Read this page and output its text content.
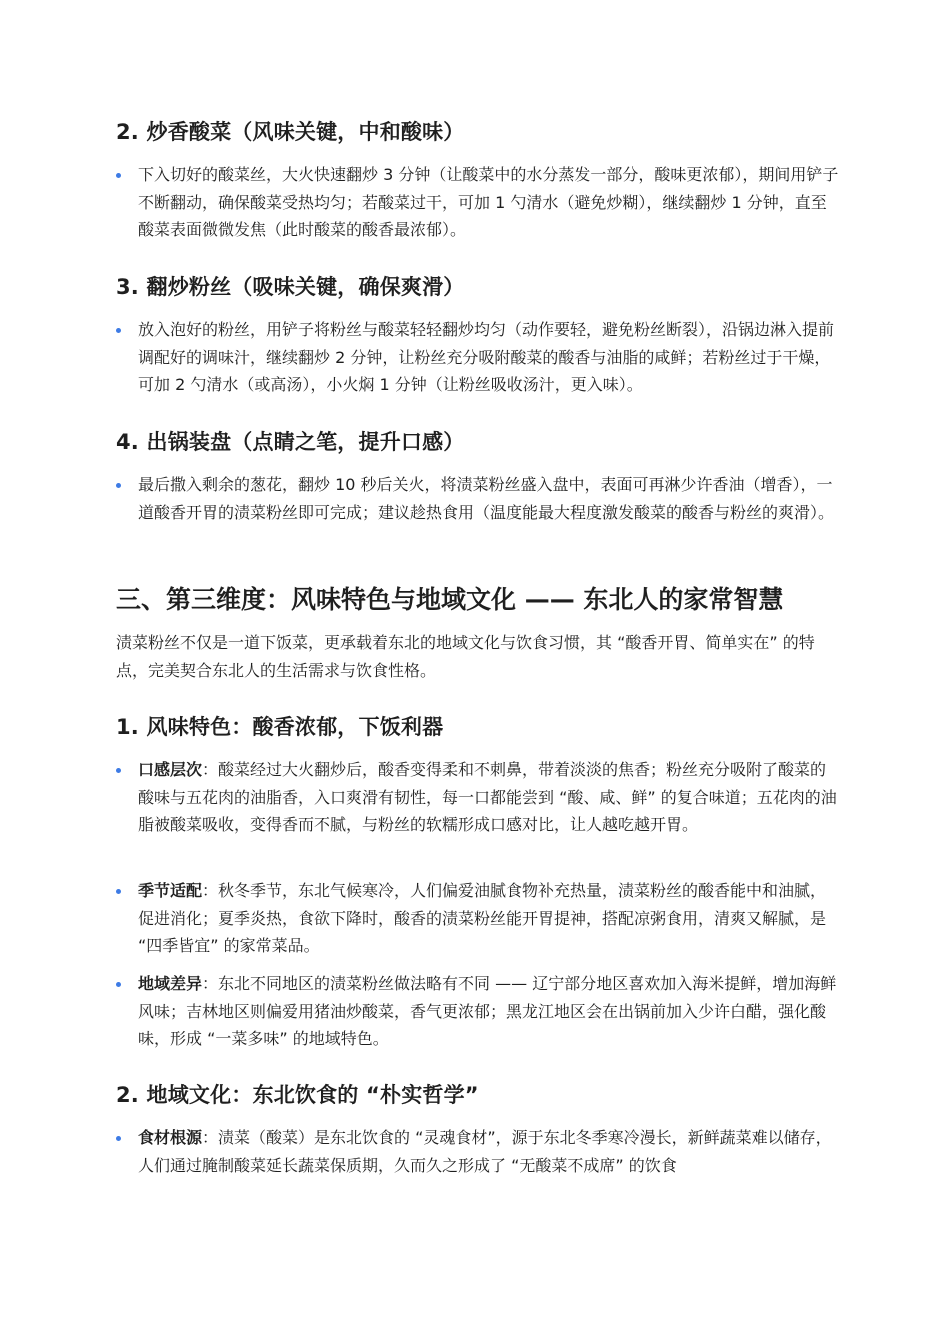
2. 炒香酸菜（风味关键，中和酸味）
下入切好的酸菜丝，大火快速翻炒 3 分钟（让酸菜中的水分蒸发一部分，酸味更浓郁），期间用铲子不断翻动，确保酸菜受热均匀；若酸菜过干，可加 1 勺清水（避免炒糊），继续翻炒 1 分钟，直至酸菜表面微微发焦（此时酸菜的酸香最浓郁）。
3. 翻炒粉丝（吸味关键，确保爽滑）
放入泡好的粉丝，用铲子将粉丝与酸菜轻轻翻炒均匀（动作要轻，避免粉丝断裂），沿锅边淋入提前调配好的调味汁，继续翻炒 2 分钟，让粉丝充分吸附酸菜的酸香与油脂的咸鲜；若粉丝过于干燥，可加 2 勺清水（或高汤），小火焖 1 分钟（让粉丝吸收汤汁，更入味）。
4. 出锅装盘（点睛之笔，提升口感）
最后撒入剩余的葱花，翻炒 10 秒后关火，将渍菜粉丝盛入盘中，表面可再淋少许香油（增香），一道酸香开胃的渍菜粉丝即可完成；建议趁热食用（温度能最大程度激发酸菜的酸香与粉丝的爽滑）。
三、第三维度：风味特色与地域文化 —— 东北人的家常智慧

渍菜粉丝不仅是一道下饭菜，更承载着东北的地域文化与饮食习惯，其 “酸香开胃、简单实在” 的特点，完美契合东北人的生活需求与饮食性格。

1. 风味特色：酸香浓郁，下饭利器
口感层次：酸菜经过大火翻炒后，酸香变得柔和不刺鼻，带着淡淡的焦香；粉丝充分吸附了酸菜的酸味与五花肉的油脂香，入口爽滑有韧性，每一口都能尝到 “酸、咸、鲜” 的复合味道；五花肉的油脂被酸菜吸收，变得香而不腻，与粉丝的软糯形成口感对比，让人越吃越开胃。
季节适配：秋冬季节，东北气候寒冷，人们偏爱油腻食物补充热量，渍菜粉丝的酸香能中和油腻，促进消化；夏季炎热，食欲下降时，酸香的渍菜粉丝能开胃提神，搭配凉粥食用，清爽又解腻，是 “四季皆宜” 的家常菜品。
地域差异：东北不同地区的渍菜粉丝做法略有不同 —— 辽宁部分地区喜欢加入海米提鲜，增加海鲜风味；吉林地区则偏爱用猪油炒酸菜，香气更浓郁；黑龙江地区会在出锅前加入少许白醋，强化酸味，形成 “一菜多味” 的地域特色。
2. 地域文化：东北饮食的 “朴实哲学”
食材根源：渍菜（酸菜）是东北饮食的 “灵魂食材”，源于东北冬季寒冷漫长，新鲜蔬菜难以储存，人们通过腌制酸菜延长蔬菜保质期，久而久之形成了 “无酸菜不成席” 的饮食
